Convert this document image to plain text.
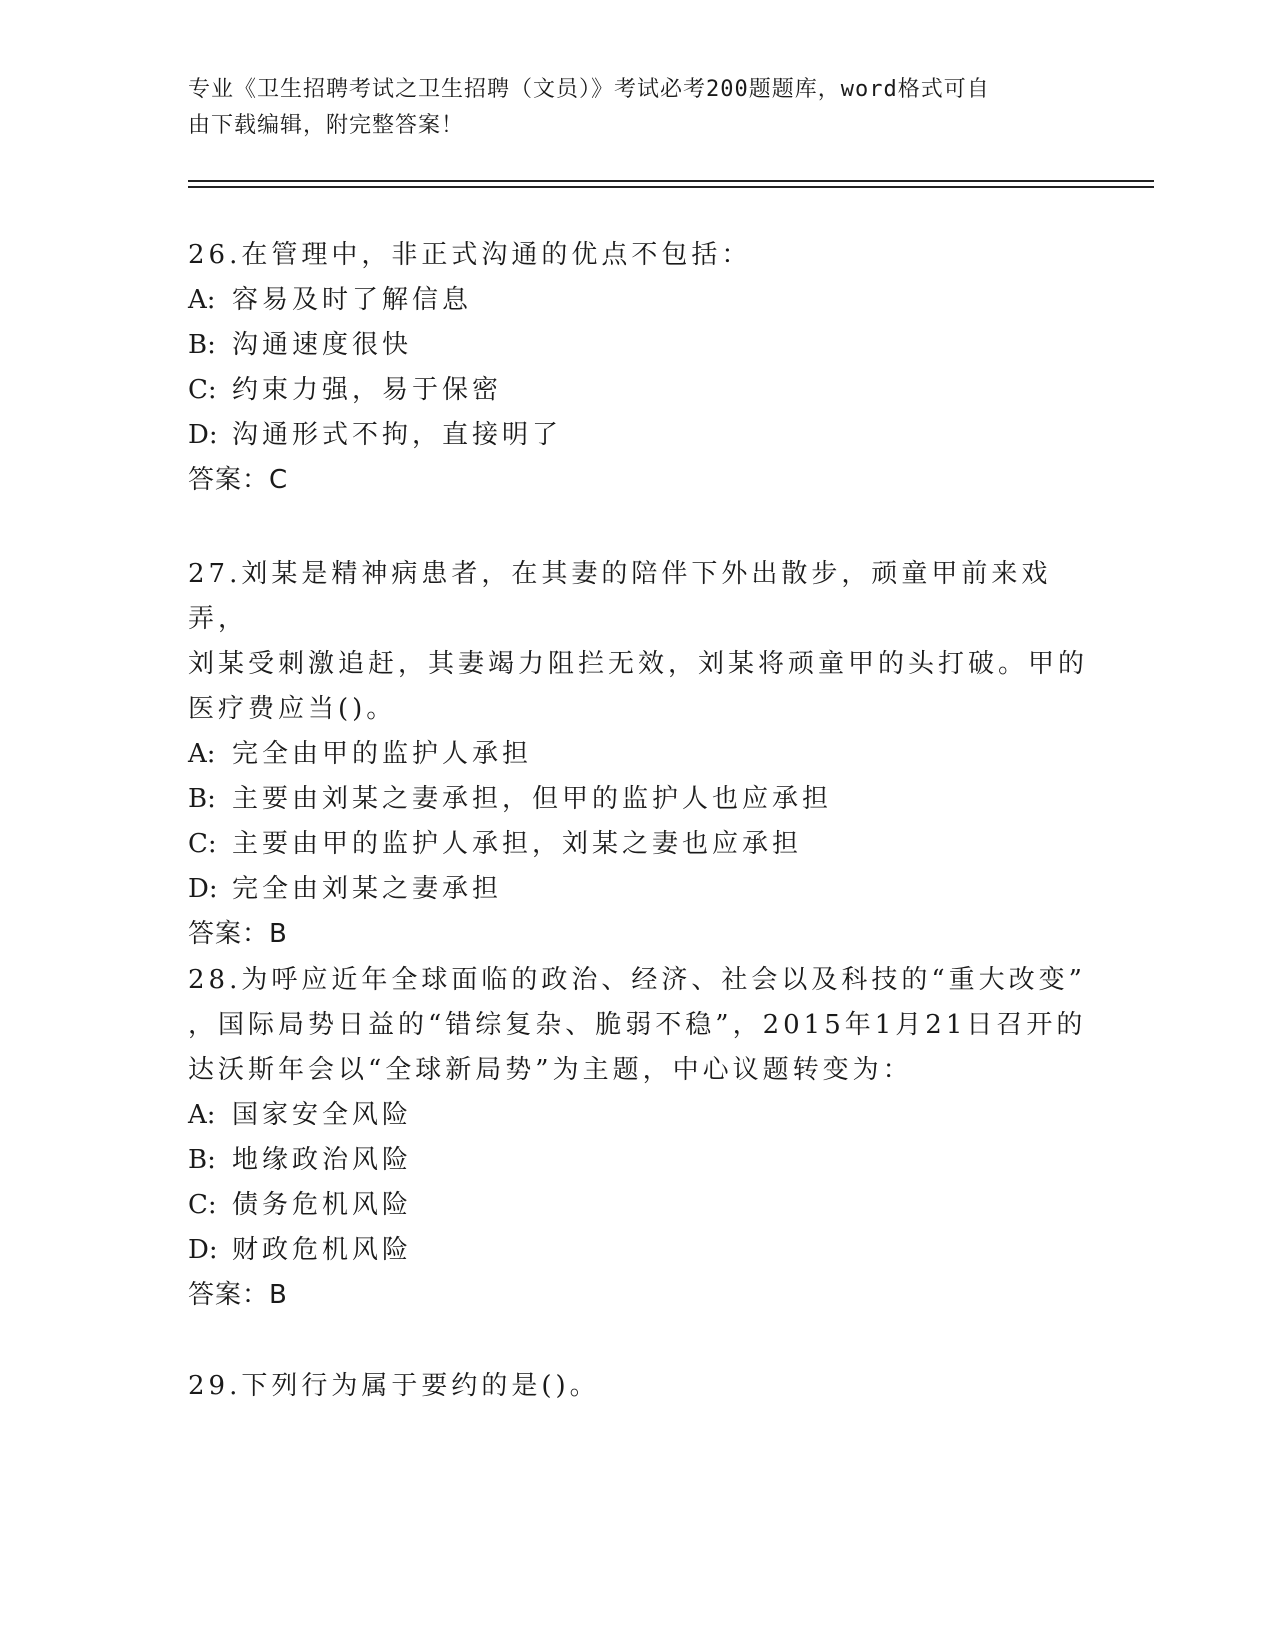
专业《卫生招聘考试之卫生招聘（文员）》考试必考200题题库，word格式可自
由下载编辑，附完整答案！

26.在管理中，非正式沟通的优点不包括：

A: 容易及时了解信息

B: 沟通速度很快

C: 约束力强，易于保密

D: 沟通形式不拘，直接明了

答案：C

27.刘某是精神病患者，在其妻的陪伴下外出散步，顽童甲前来戏弄，

刘某受刺激追赶，其妻竭力阻拦无效，刘某将顽童甲的头打破。甲的

医疗费应当()。

A: 完全由甲的监护人承担

B: 主要由刘某之妻承担，但甲的监护人也应承担

C: 主要由甲的监护人承担，刘某之妻也应承担

D: 完全由刘某之妻承担

答案：B

28.为呼应近年全球面临的政治、经济、社会以及科技的“重大改变”

，国际局势日益的“错综复杂、脆弱不稳”，2015年1月21日召开的

达沃斯年会以“全球新局势”为主题，中心议题转变为：

A: 国家安全风险

B: 地缘政治风险

C: 债务危机风险

D: 财政危机风险

答案：B

29.下列行为属于要约的是()。
